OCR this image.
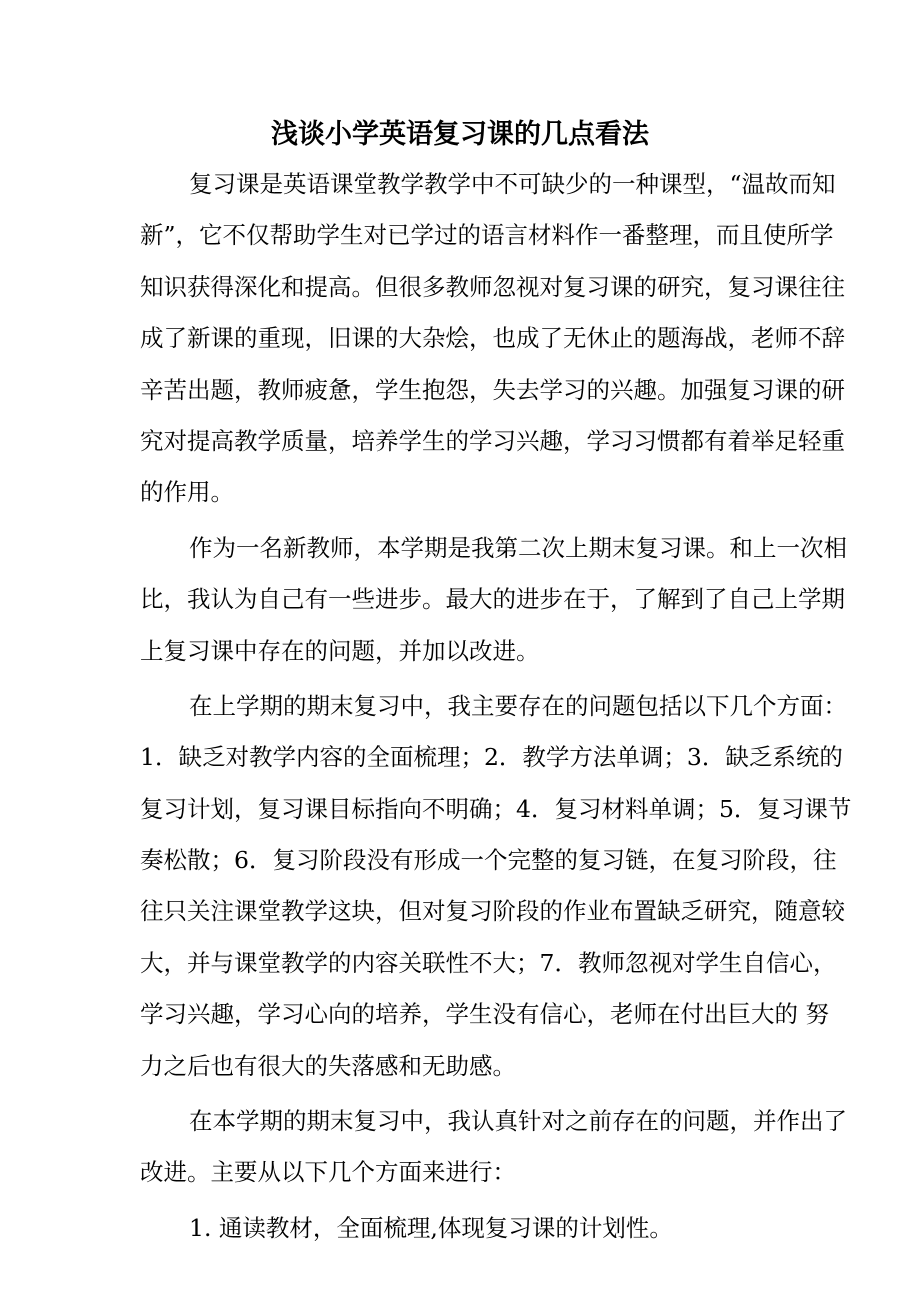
浅谈小学英语复习课的几点看法
复习课是英语课堂教学教学中不可缺少的一种课型，“温故而知
新”，它不仅帮助学生对已学过的语言材料作一番整理，而且使所学
知识获得深化和提高。但很多教师忽视对复习课的研究，复习课往往
成了新课的重现，旧课的大杂烩，也成了无休止的题海战，老师不辞
辛苦出题，教师疲惫，学生抱怨，失去学习的兴趣。加强复习课的研
究对提高教学质量，培养学生的学习兴趣，学习习惯都有着举足轻重
的作用。
作为一名新教师，本学期是我第二次上期末复习课。和上一次相
比，我认为自己有一些进步。最大的进步在于，了解到了自己上学期
上复习课中存在的问题，并加以改进。
在上学期的期末复习中，我主要存在的问题包括以下几个方面：
1．缺乏对教学内容的全面梳理；2．教学方法单调；3．缺乏系统的
复习计划，复习课目标指向不明确；4．复习材料单调；5．复习课节
奏松散；6．复习阶段没有形成一个完整的复习链，在复习阶段，往
往只关注课堂教学这块，但对复习阶段的作业布置缺乏研究，随意较
大，并与课堂教学的内容关联性不大；7．教师忽视对学生自信心，
学习兴趣，学习心向的培养，学生没有信心，老师在付出巨大的 努
力之后也有很大的失落感和无助感。
在本学期的期末复习中，我认真针对之前存在的问题，并作出了
改进。主要从以下几个方面来进行：
1. 通读教材，全面梳理,体现复习课的计划性。
